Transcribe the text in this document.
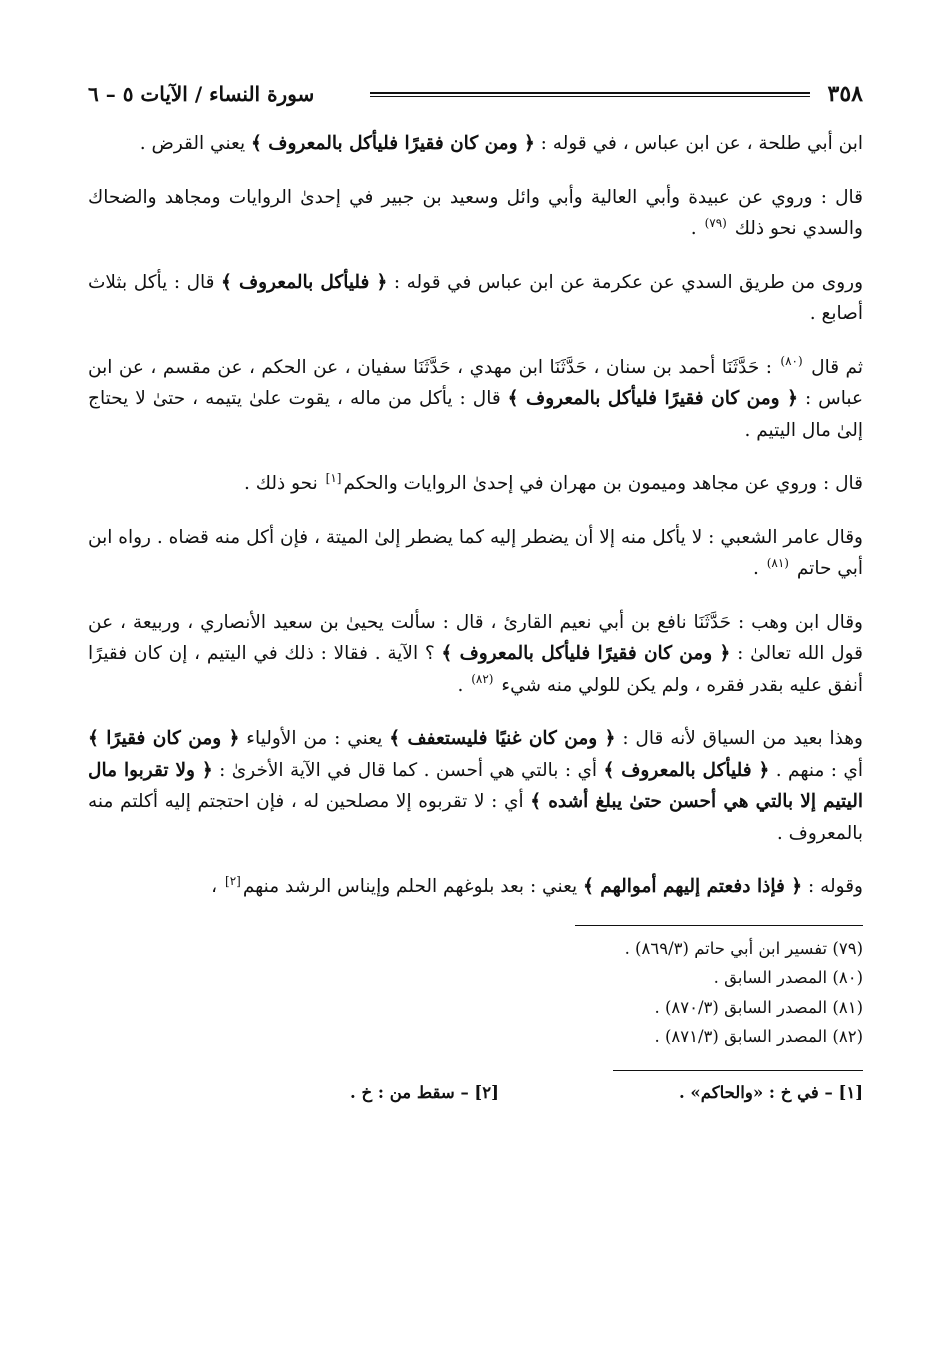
٣٥٨
سورة النساء / الآيات ٥ – ٦

ابن أبي طلحة ، عن ابن عباس ، في قوله : ﴿ ومن كان فقيرًا فليأكل بالمعروف ﴾ يعني القرض .

قال : وروي عن عبيدة وأبي العالية وأبي وائل وسعيد بن جبير في إحدىٰ الروايات ومجاهد والضحاك والسدي نحو ذلك $^{(٧٩)}$ .

وروى من طريق السدي عن عكرمة عن ابن عباس في قوله : ﴿ فليأكل بالمعروف ﴾ قال : يأكل بثلاث أصابع .

ثم قال $^{(٨٠)}$ : حَدَّثَنَا أحمد بن سنان ، حَدَّثَنَا ابن مهدي ، حَدَّثَنَا سفيان ، عن الحكم ، عن مقسم ، عن ابن عباس : ﴿ ومن كان فقيرًا فليأكل بالمعروف ﴾ قال : يأكل من ماله ، يقوت علىٰ يتيمه ، حتىٰ لا يحتاج إلىٰ مال اليتيم .

قال : وروي عن مجاهد وميمون بن مهران في إحدىٰ الروايات والحكم[١] نحو ذلك .

وقال عامر الشعبي : لا يأكل منه إلا أن يضطر إليه كما يضطر إلىٰ الميتة ، فإن أكل منه قضاه . رواه ابن أبي حاتم $^{(٨١)}$ .

وقال ابن وهب : حَدَّثَنَا نافع بن أبي نعيم القارئ ، قال : سألت يحيىٰ بن سعيد الأنصاري ، وربيعة ، عن قول الله تعالىٰ : ﴿ ومن كان فقيرًا فليأكل بالمعروف ﴾ ؟ الآية . فقالا : ذلك في اليتيم ، إن كان فقيرًا أنفق عليه بقدر فقره ، ولم يكن للولي منه شيء $^{(٨٢)}$ .

وهذا بعيد من السياق لأنه قال : ﴿ ومن كان غنيًا فليستعفف ﴾ يعني : من الأولياء ﴿ ومن كان فقيرًا ﴾ أي : منهم . ﴿ فليأكل بالمعروف ﴾ أي : بالتي هي أحسن . كما قال في الآية الأخرىٰ : ﴿ ولا تقربوا مال اليتيم إلا بالتي هي أحسن حتىٰ يبلغ أشده ﴾ أي : لا تقربوه إلا مصلحين له ، فإن احتجتم إليه أكلتم منه بالمعروف .

وقوله : ﴿ فإذا دفعتم إليهم أموالهم ﴾ يعني : بعد بلوغهم الحلم وإيناس الرشد منهم[٢] ،

(٧٩) تفسير ابن أبي حاتم (٨٦٩/٣) .

(٨٠) المصدر السابق .

(٨١) المصدر السابق (٨٧٠/٣) .

(٨٢) المصدر السابق (٨٧١/٣) .

[١] – في خ : «والحاكم» .
[٢] – سقط من : خ .
